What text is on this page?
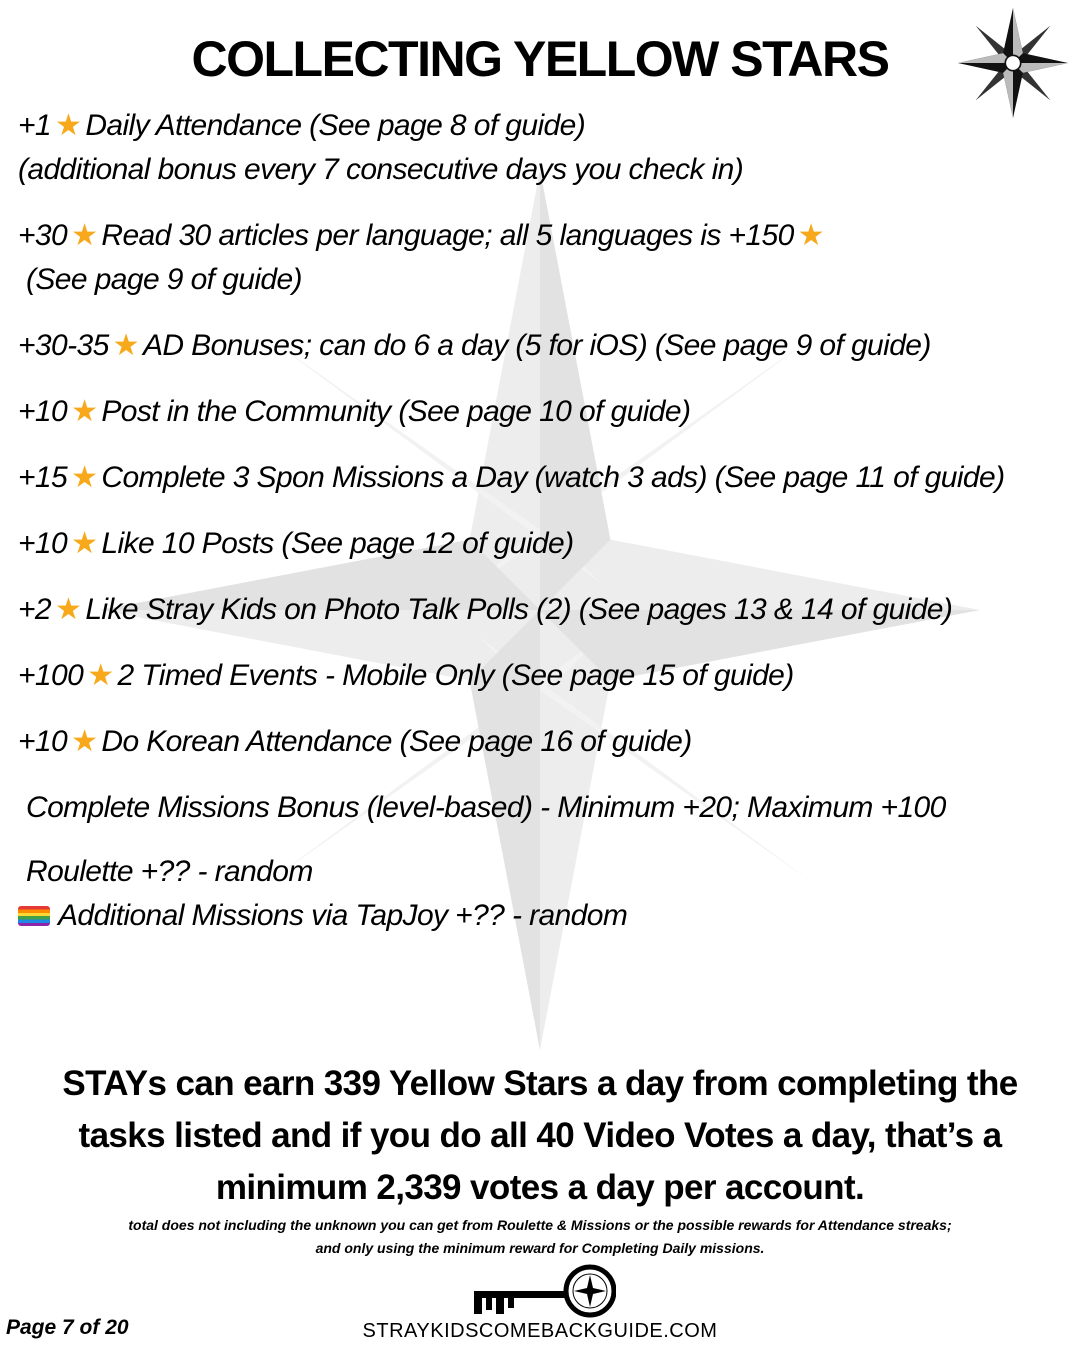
COLLECTING YELLOW STARS
+1 ★ Daily Attendance (See page 8 of guide)
(additional bonus every 7 consecutive days you check in)
+30 ★ Read 30 articles per language; all 5 languages is +150 ★
(See page 9 of guide)
+30-35 ★ AD Bonuses; can do 6 a day (5 for iOS) (See page 9 of guide)
+10 ★ Post in the Community (See page 10 of guide)
+15 ★ Complete 3 Spon Missions a Day (watch 3 ads) (See page 11 of guide)
+10 ★ Like 10 Posts (See page 12 of guide)
+2 ★ Like Stray Kids on Photo Talk Polls (2) (See pages 13 & 14 of guide)
+100 ★ 2 Timed Events - Mobile Only (See page 15 of guide)
+10 ★ Do Korean Attendance (See page 16 of guide)
Complete Missions Bonus (level-based) - Minimum +20; Maximum +100
Roulette +?? - random
Additional Missions via TapJoy +?? - random
STAYs can earn 339 Yellow Stars a day from completing the
tasks listed and if you do all 40 Video Votes a day, that’s a
minimum 2,339 votes a day per account.
total does not including the unknown you can get from Roulette & Missions or the possible rewards for Attendance streaks;
and only using the minimum reward for Completing Daily missions.
Page 7 of 20	STRAYKIDSCOMEBACKGUIDE.COM
